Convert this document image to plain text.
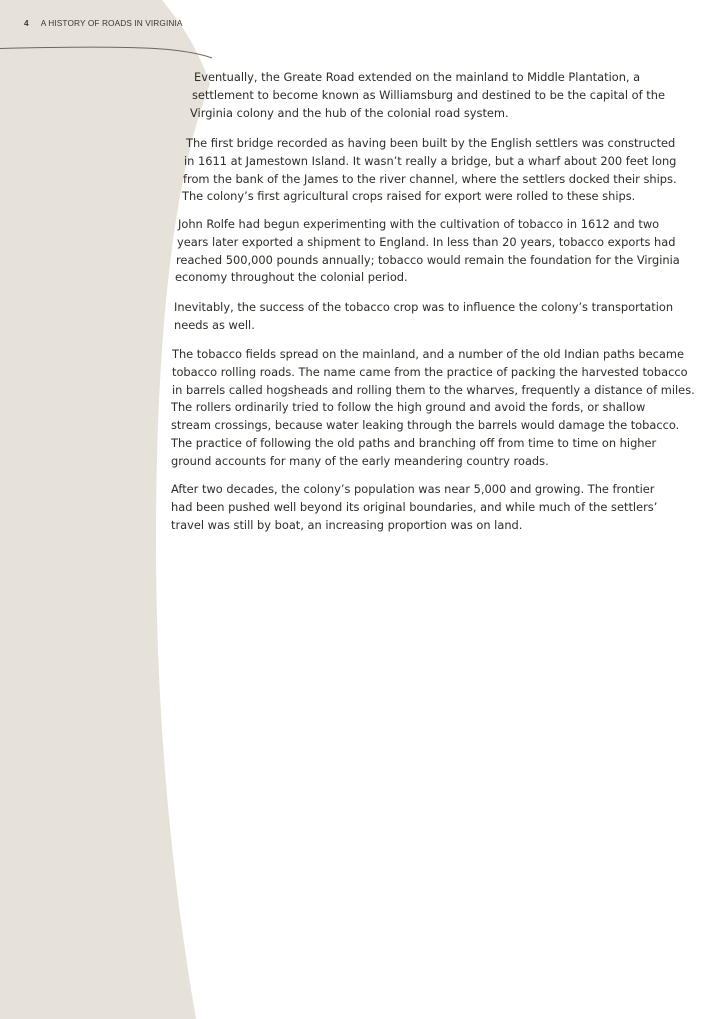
4 A HISTORY OF ROADS IN VIRGINIA

Eventually, the Greate Road extended on the mainland to Middle Plantation, a
settlement to become known as Williamsburg and destined to be the capital of the
Virginia colony and the hub of the colonial road system.

The first bridge recorded as having been built by the English settlers was constructed
in 1611 at Jamestown Island. It wasn’t really a bridge, but a wharf about 200 feet long
from the bank of the James to the river channel, where the settlers docked their ships.
The colony’s first agricultural crops raised for export were rolled to these ships.

John Rolfe had begun experimenting with the cultivation of tobacco in 1612 and two
years later exported a shipment to England. In less than 20 years, tobacco exports had
reached 500,000 pounds annually; tobacco would remain the foundation for the Virginia
economy throughout the colonial period.

Inevitably, the success of the tobacco crop was to influence the colony’s transportation
needs as well.

The tobacco fields spread on the mainland, and a number of the old Indian paths became
tobacco rolling roads. The name came from the practice of packing the harvested tobacco
in barrels called hogsheads and rolling them to the wharves, frequently a distance of miles.
The rollers ordinarily tried to follow the high ground and avoid the fords, or shallow
stream crossings, because water leaking through the barrels would damage the tobacco.
The practice of following the old paths and branching off from time to time on higher
ground accounts for many of the early meandering country roads.

After two decades, the colony’s population was near 5,000 and growing. The frontier
had been pushed well beyond its original boundaries, and while much of the settlers’
travel was still by boat, an increasing proportion was on land.
